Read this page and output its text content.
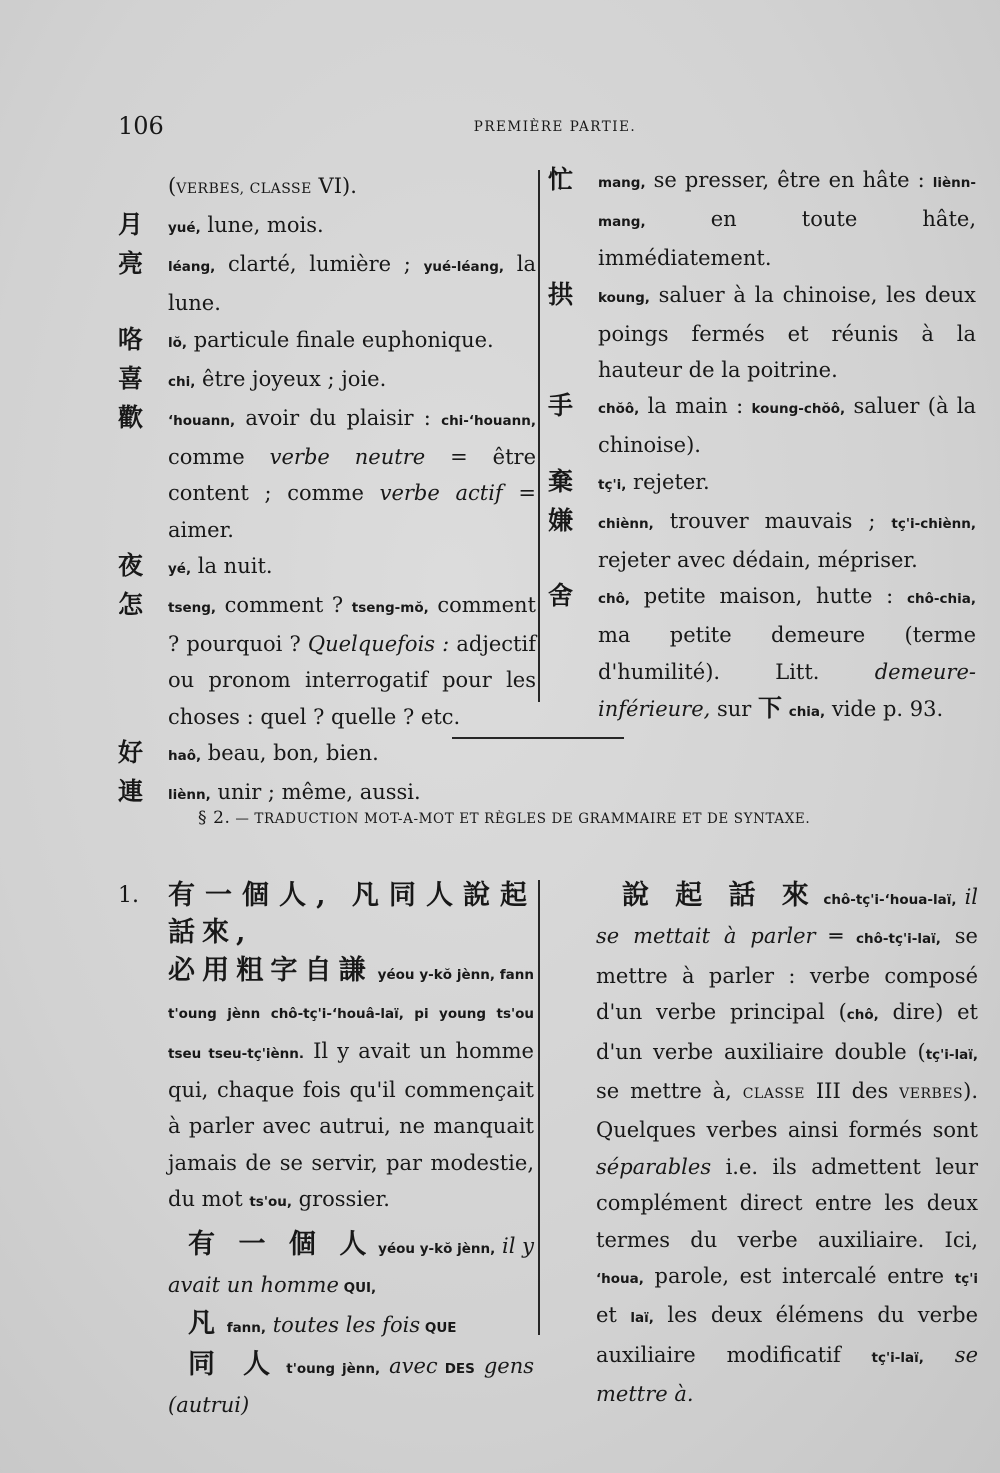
106	PREMIÈRE PARTIE.
(VERBES, CLASSE VI).
月	yué, lune, mois.
亮	léang, clarté, lumière ; yué-léang, la lune.
咯	lŏ, particule finale euphonique.
喜	chi, être joyeux ; joie.
歡	‘houann, avoir du plaisir : chi-‘houann, comme verbe neutre = être content ; comme verbe actif = aimer.
夜	yé, la nuit.
怎	tseng, comment ? tseng-mŏ, comment ? pourquoi ? Quelquefois : adjectif ou pronom interrogatif pour les choses : quel ? quelle ? etc.
好	haô, beau, bon, bien.
連	liènn, unir ; même, aussi.
忙	mang, se presser, être en hâte : liènn-mang, en toute hâte, immédiatement.
拱	koung, saluer à la chinoise, les deux poings fermés et réunis à la hauteur de la poitrine.
手	chŏô, la main : koung-chŏô, saluer (à la chinoise).
棄	tç'i, rejeter.
嫌	chiènn, trouver mauvais ; tç'i-chiènn, rejeter avec dédain, mépriser.
舍	chô, petite maison, hutte : chô-chia, ma petite demeure (terme d'humilité). Litt. demeure-inférieure, sur 下 chia, vide p. 93.
§ 2. — TRADUCTION MOT-A-MOT ET RÈGLES DE GRAMMAIRE ET DE SYNTAXE.
1. 有一個人, 凡同人說起話來,
必用粗字自謙 yéou y-kŏ jènn, fann t'oung jènn chô-tç'i-‘houâ-laï, pi young ts'ou tseu tseu-tç'iènn. Il y avait un homme qui, chaque fois qu'il commençait à parler avec autrui, ne manquait jamais de se servir, par modestie, du mot ts'ou, grossier.
有 一 個 人 yéou y-kŏ jènn, il y avait un homme QUI,
凡 fann, toutes les fois QUE
同 人 t'oung jènn, avec DES gens (autrui)
說 起 話 來 chô-tç'i-‘houa-laï, il se mettait à parler ═ chô-tç'i-laï, se mettre à parler : verbe composé d'un verbe principal (chô, dire) et d'un verbe auxiliaire double (tç'i-laï, se mettre à, CLASSE III des VERBES). Quelques verbes ainsi formés sont séparables i.e. ils admettent leur complément direct entre les deux termes du verbe auxiliaire. Ici, ‘houa, parole, est intercalé entre tç'i et laï, les deux élémens du verbe auxiliaire modificatif tç'i-laï, se mettre à.
